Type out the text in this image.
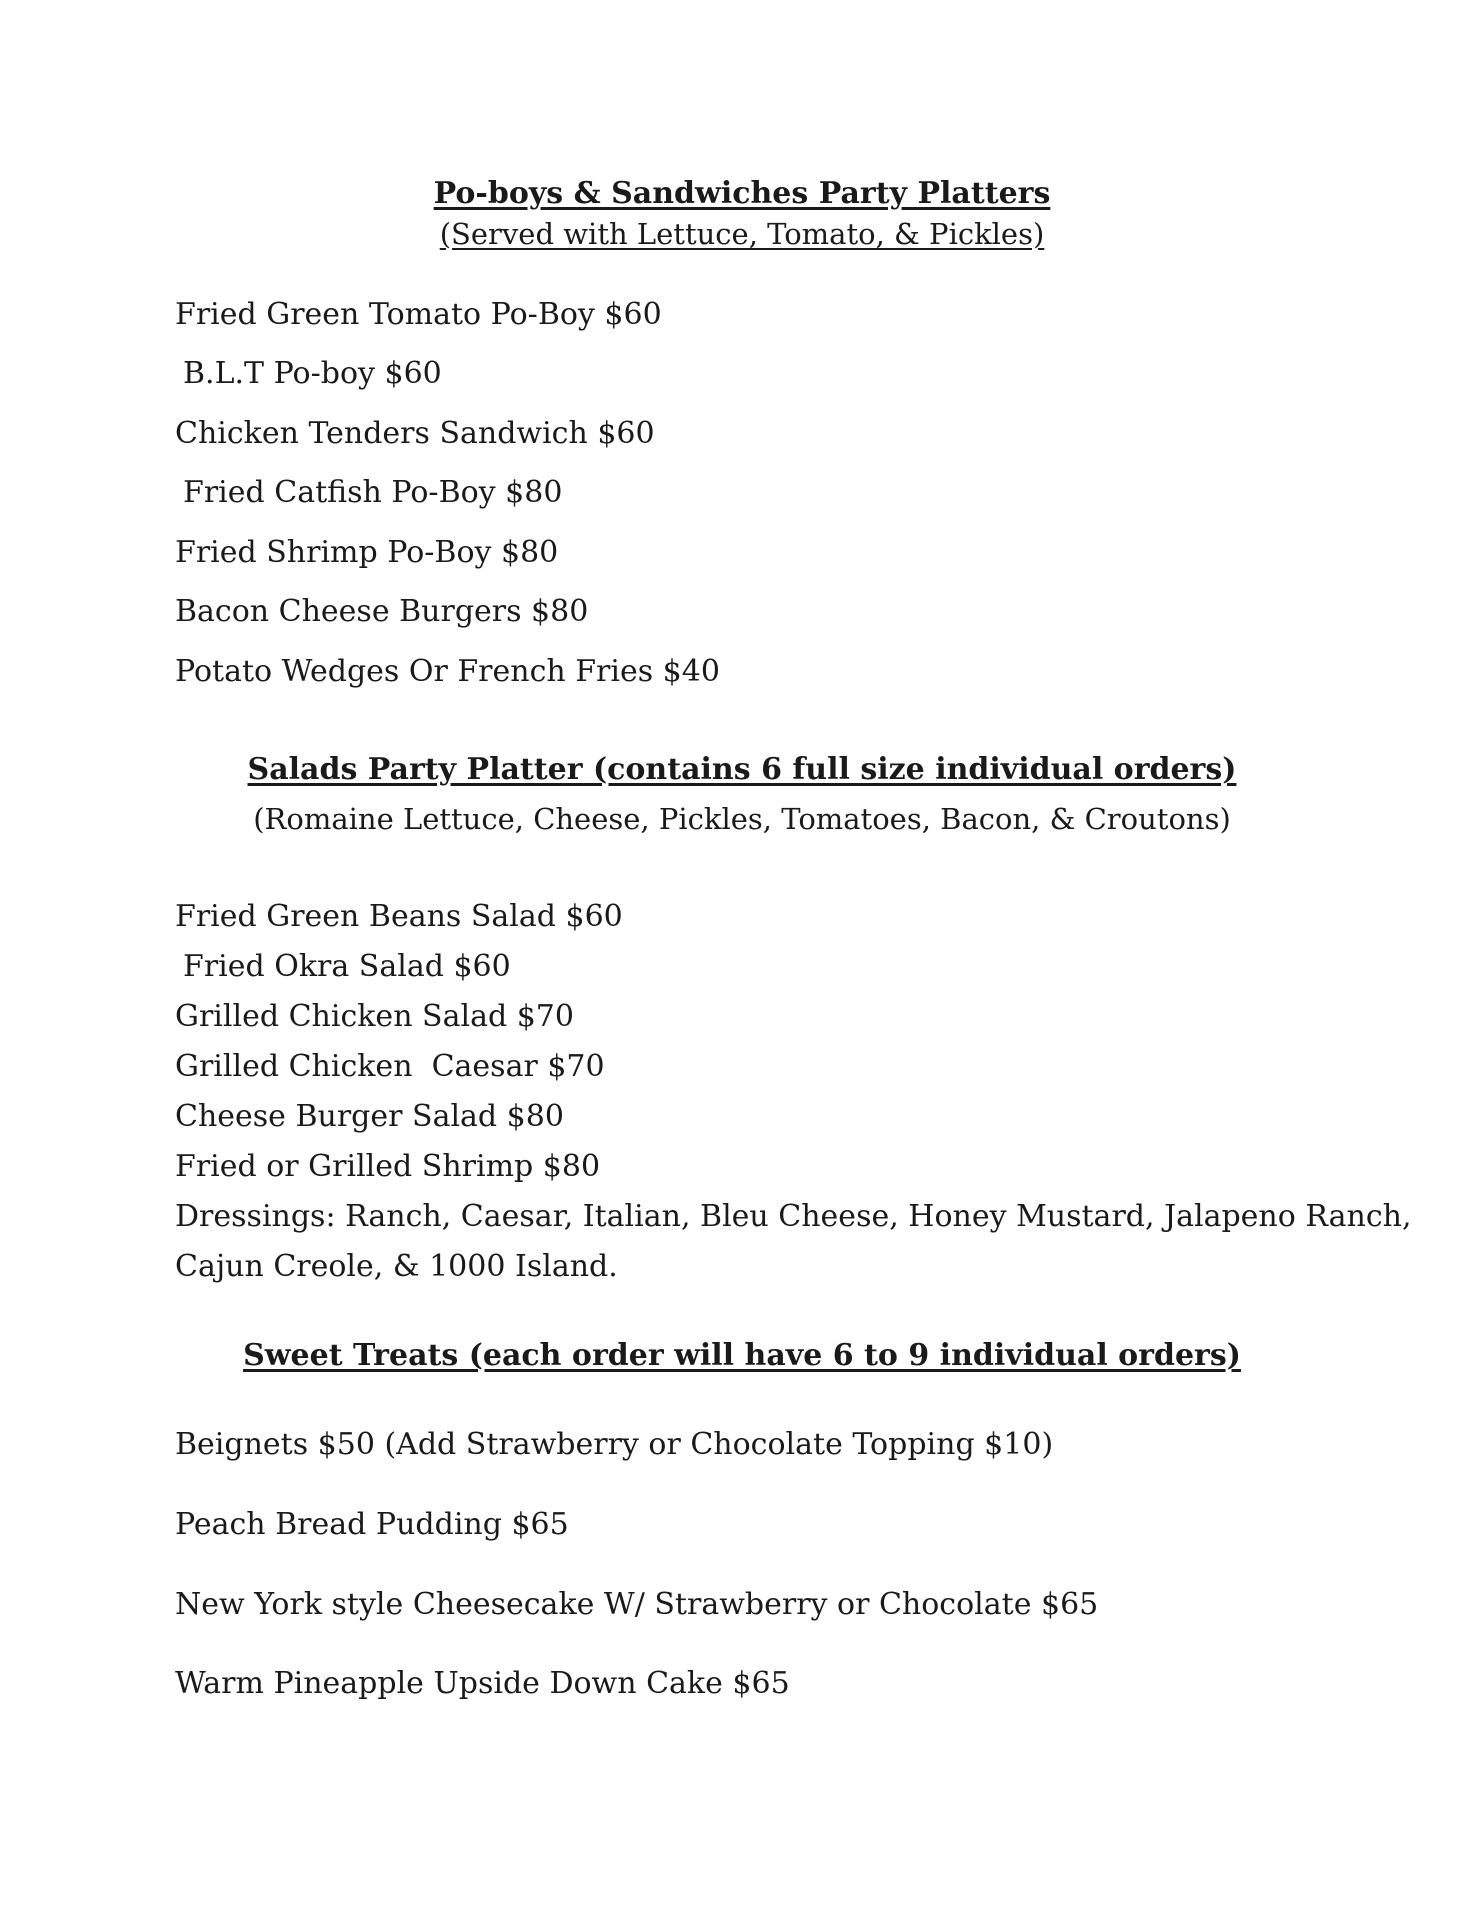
Po-boys & Sandwiches Party Platters
(Served with Lettuce, Tomato, & Pickles)
Fried Green Tomato Po-Boy $60
B.L.T Po-boy $60
Chicken Tenders Sandwich $60
Fried Catfish Po-Boy $80
Fried Shrimp Po-Boy $80
Bacon Cheese Burgers $80
Potato Wedges Or French Fries $40
Salads Party Platter (contains 6 full size individual orders)
(Romaine Lettuce, Cheese, Pickles, Tomatoes, Bacon, & Croutons)
Fried Green Beans Salad $60
Fried Okra Salad $60
Grilled Chicken Salad $70
Grilled Chicken  Caesar $70
Cheese Burger Salad $80
Fried or Grilled Shrimp $80
Dressings: Ranch, Caesar, Italian, Bleu Cheese, Honey Mustard, Jalapeno Ranch,
Cajun Creole, & 1000 Island.
Sweet Treats (each order will have 6 to 9 individual orders)
Beignets $50 (Add Strawberry or Chocolate Topping $10)
Peach Bread Pudding $65
New York style Cheesecake W/ Strawberry or Chocolate $65
Warm Pineapple Upside Down Cake $65
